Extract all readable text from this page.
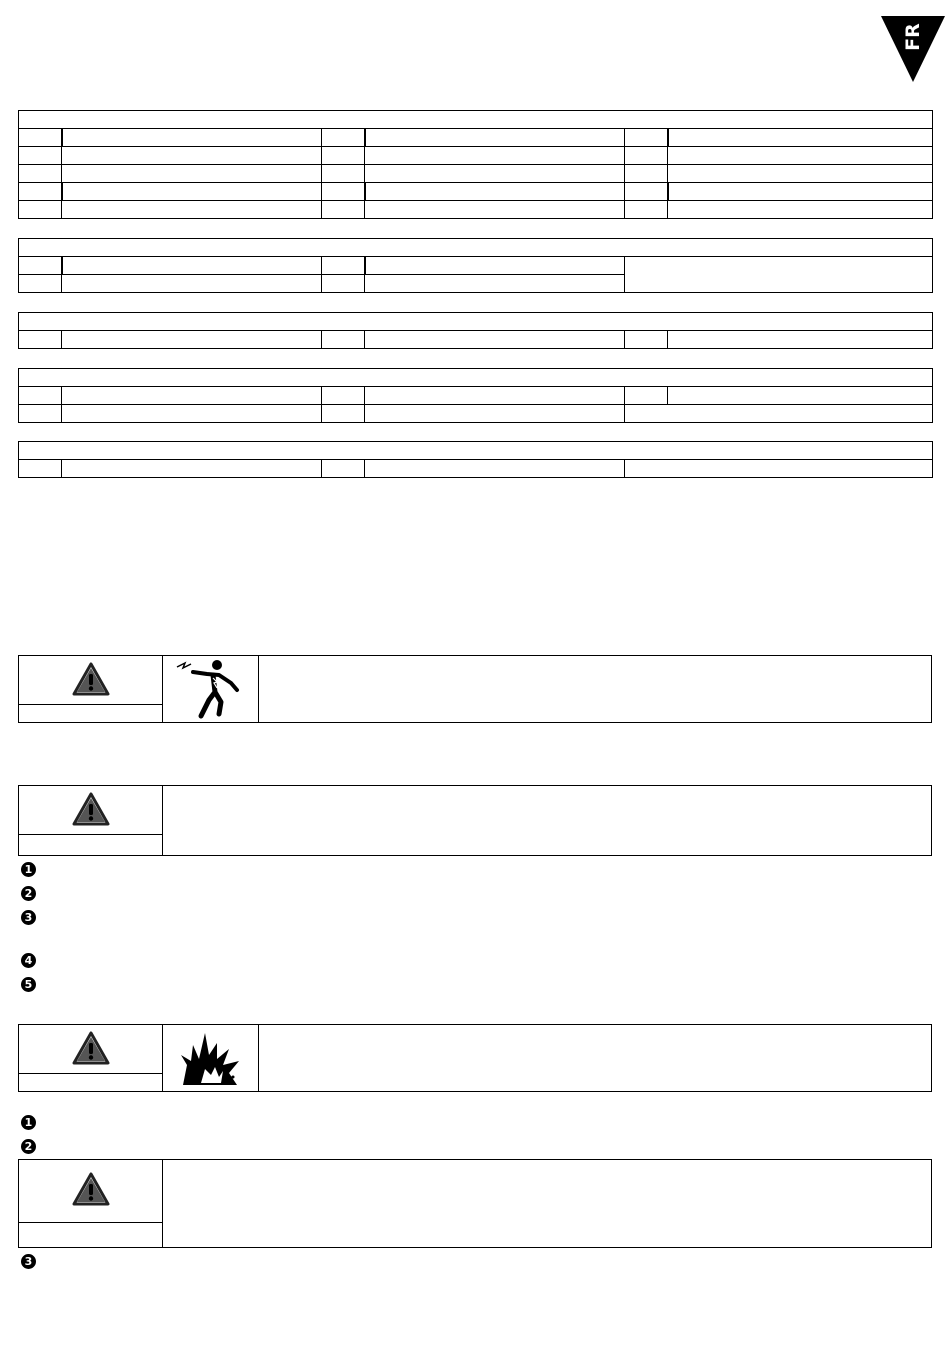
FR

1
2
3
4
5
1
2
3
